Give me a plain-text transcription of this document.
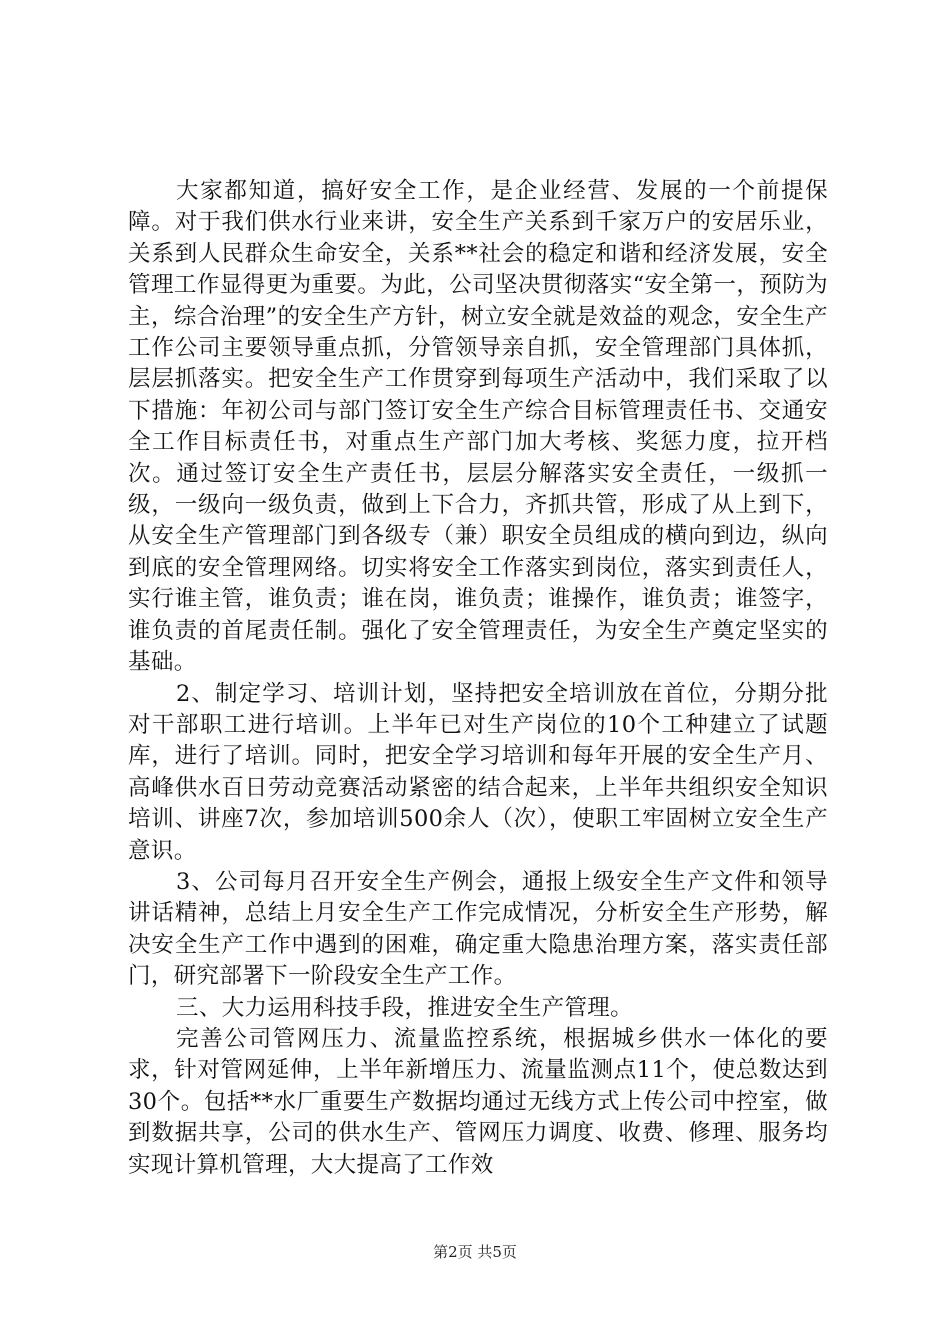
大家都知道，搞好安全工作，是企业经营、发展的一个前提保障。对于我们供水行业来讲，安全生产关系到千家万户的安居乐业，关系到人民群众生命安全，关系**社会的稳定和谐和经济发展，安全管理工作显得更为重要。为此，公司坚决贯彻落实“安全第一，预防为主，综合治理”的安全生产方针，树立安全就是效益的观念，安全生产工作公司主要领导重点抓，分管领导亲自抓，安全管理部门具体抓，层层抓落实。把安全生产工作贯穿到每项生产活动中，我们采取了以下措施：年初公司与部门签订安全生产综合目标管理责任书、交通安全工作目标责任书，对重点生产部门加大考核、奖惩力度，拉开档次。通过签订安全生产责任书，层层分解落实安全责任，一级抓一级，一级向一级负责，做到上下合力，齐抓共管，形成了从上到下，从安全生产管理部门到各级专（兼）职安全员组成的横向到边，纵向到底的安全管理网络。切实将安全工作落实到岗位，落实到责任人，实行谁主管，谁负责；谁在岗，谁负责；谁操作，谁负责；谁签字，谁负责的首尾责任制。强化了安全管理责任，为安全生产奠定坚实的基础。

2、制定学习、培训计划，坚持把安全培训放在首位，分期分批对干部职工进行培训。上半年已对生产岗位的10个工种建立了试题库，进行了培训。同时，把安全学习培训和每年开展的安全生产月、高峰供水百日劳动竞赛活动紧密的结合起来，上半年共组织安全知识培训、讲座7次，参加培训500余人（次），使职工牢固树立安全生产意识。

3、公司每月召开安全生产例会，通报上级安全生产文件和领导讲话精神，总结上月安全生产工作完成情况，分析安全生产形势，解决安全生产工作中遇到的困难，确定重大隐患治理方案，落实责任部门，研究部署下一阶段安全生产工作。

三、大力运用科技手段，推进安全生产管理。

完善公司管网压力、流量监控系统，根据城乡供水一体化的要求，针对管网延伸，上半年新增压力、流量监测点11个，使总数达到30个。包括**水厂重要生产数据均通过无线方式上传公司中控室，做到数据共享，公司的供水生产、管网压力调度、收费、修理、服务均实现计算机管理，大大提高了工作效

第2页 共5页
